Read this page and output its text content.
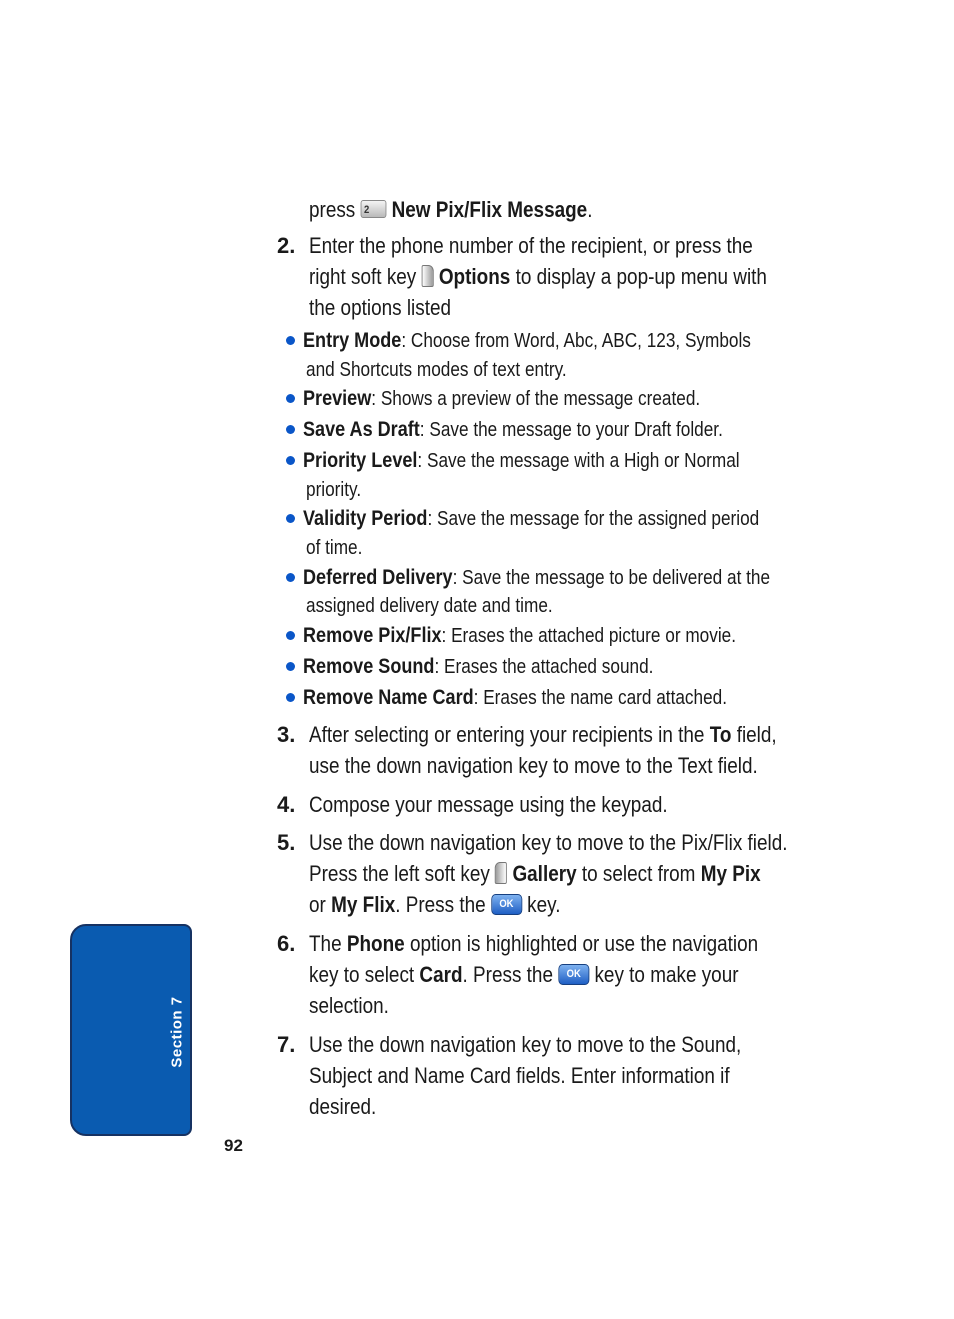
press 2 New Pix/Flix Message.
2. Enter the phone number of the recipient, or press the
right soft key Options to display a pop-up menu with
the options listed
Entry Mode: Choose from Word, Abc, ABC, 123, Symbols
and Shortcuts modes of text entry.
Preview: Shows a preview of the message created.
Save As Draft: Save the message to your Draft folder.
Priority Level: Save the message with a High or Normal
priority.
Validity Period: Save the message for the assigned period
of time.
Deferred Delivery: Save the message to be delivered at the
assigned delivery date and time.
Remove Pix/Flix: Erases the attached picture or movie.
Remove Sound: Erases the attached sound.
Remove Name Card: Erases the name card attached.
3. After selecting or entering your recipients in the To field,
use the down navigation key to move to the Text field.
4. Compose your message using the keypad.
5. Use the down navigation key to move to the Pix/Flix field.
Press the left soft key Gallery to select from My Pix
or My Flix. Press the OK key.
6. The Phone option is highlighted or use the navigation
key to select Card. Press the OK key to make your
selection.
7. Use the down navigation key to move to the Sound,
Subject and Name Card fields. Enter information if
desired.
Section 7
92
